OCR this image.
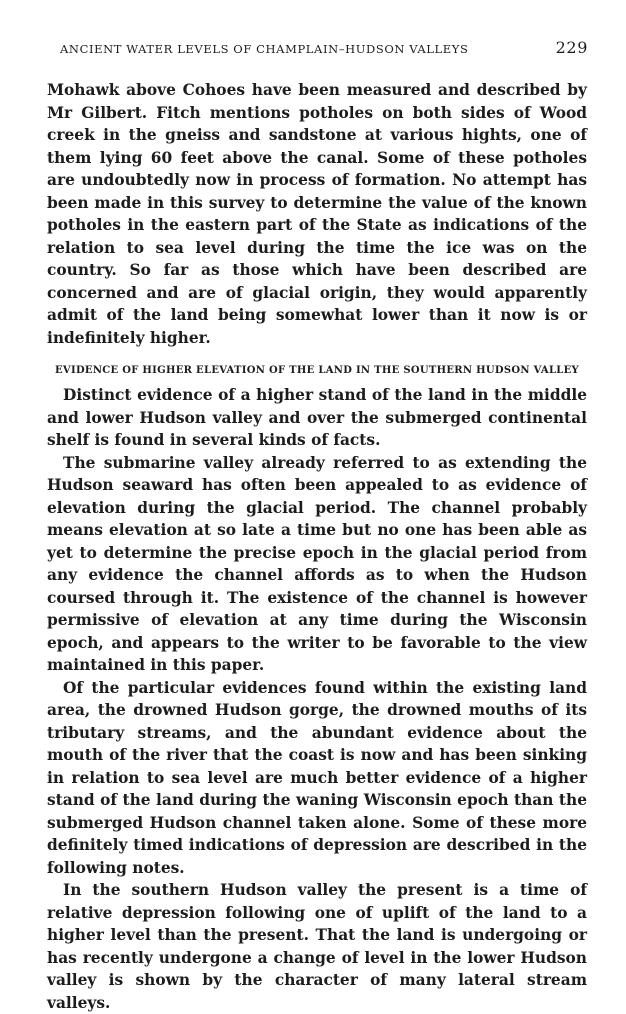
ANCIENT WATER LEVELS OF CHAMPLAIN–HUDSON VALLEYS	229

Mohawk above Cohoes have been measured and described by Mr Gilbert. Fitch mentions potholes on both sides of Wood creek in the gneiss and sandstone at various hights, one of them lying 60 feet above the canal. Some of these potholes are undoubtedly now in process of formation. No attempt has been made in this survey to determine the value of the known potholes in the eastern part of the State as indications of the relation to sea level during the time the ice was on the country. So far as those which have been described are concerned and are of glacial origin, they would apparently admit of the land being somewhat lower than it now is or indefinitely higher.

EVIDENCE OF HIGHER ELEVATION OF THE LAND IN THE SOUTHERN HUDSON VALLEY

Distinct evidence of a higher stand of the land in the middle and lower Hudson valley and over the submerged continental shelf is found in several kinds of facts.

The submarine valley already referred to as extending the Hudson seaward has often been appealed to as evidence of elevation during the glacial period. The channel probably means elevation at so late a time but no one has been able as yet to determine the precise epoch in the glacial period from any evidence the channel affords as to when the Hudson coursed through it. The existence of the channel is however permissive of elevation at any time during the Wisconsin epoch, and appears to the writer to be favorable to the view maintained in this paper.

Of the particular evidences found within the existing land area, the drowned Hudson gorge, the drowned mouths of its tributary streams, and the abundant evidence about the mouth of the river that the coast is now and has been sinking in relation to sea level are much better evidence of a higher stand of the land during the waning Wisconsin epoch than the submerged Hudson channel taken alone. Some of these more definitely timed indications of depression are described in the following notes.

In the southern Hudson valley the present is a time of relative depression following one of uplift of the land to a higher level than the present. That the land is undergoing or has recently undergone a change of level in the lower Hudson valley is shown by the character of many lateral stream valleys.
